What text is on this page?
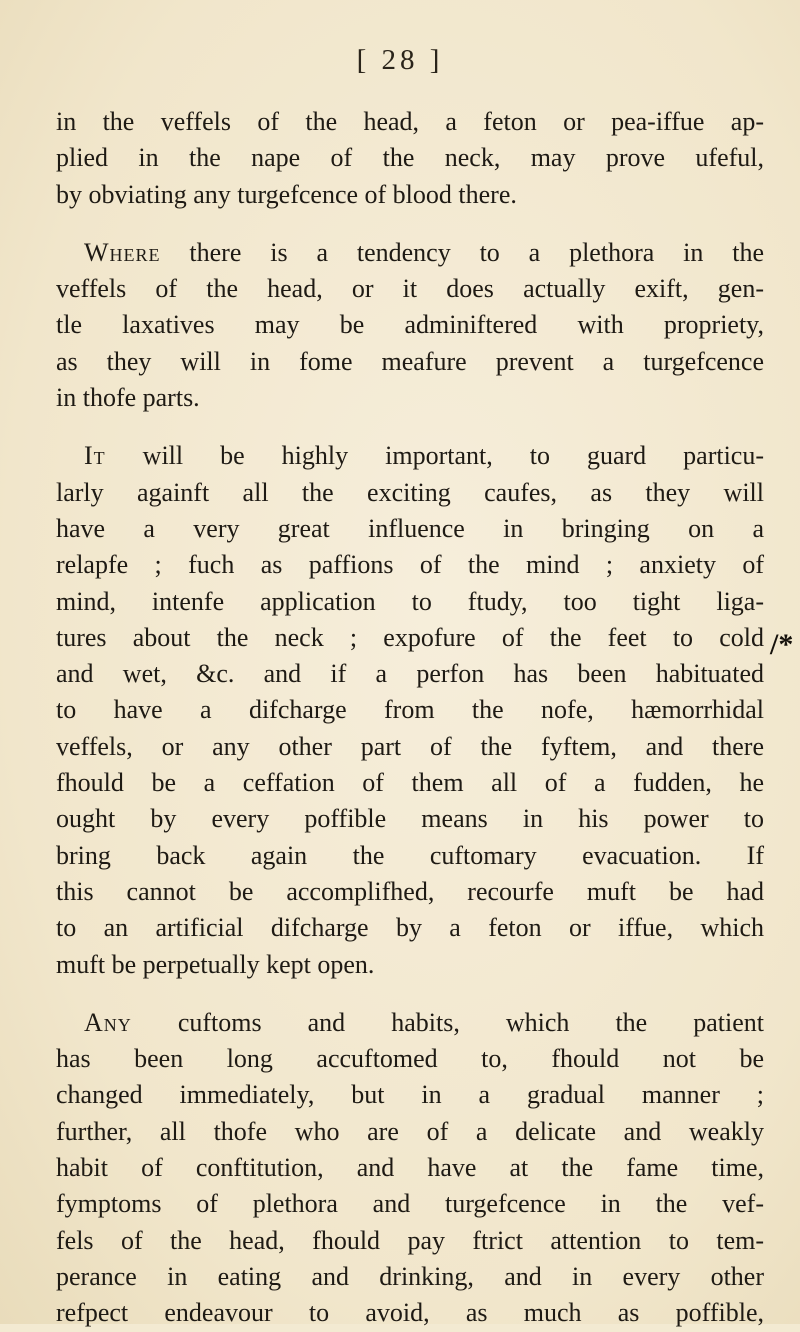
[ 28 ]
in the veffels of the head, a feton or pea-iffue ap-
plied in the nape of the neck, may prove ufeful,
by obviating any turgefcence of blood there.
Where there is a tendency to a plethora in the
veffels of the head, or it does actually exift, gen-
tle laxatives may be adminiftered with propriety,
as they will in fome meafure prevent a turgefcence
in thofe parts.
It will be highly important, to guard particu-
larly againft all the exciting caufes, as they will
have a very great influence in bringing on a
relapfe ; fuch as paffions of the mind ; anxiety of
mind, intenfe application to ftudy, too tight liga-
tures about the neck ; expofure of the feet to cold
and wet, &c. and if a perfon has been habituated
to have a difcharge from the nofe, hæmorrhidal
veffels, or any other part of the fyftem, and there
fhould be a ceffation of them all of a fudden, he
ought by every poffible means in his power to
bring back again the cuftomary evacuation. If
this cannot be accomplifhed, recourfe muft be had
to an artificial difcharge by a feton or iffue, which
muft be perpetually kept open.
Any cuftoms and habits, which the patient
has been long accuftomed to, fhould not be
changed immediately, but in a gradual manner ;
further, all thofe who are of a delicate and weakly
habit of conftitution, and have at the fame time,
fymptoms of plethora and turgefcence in the vef-
fels of the head, fhould pay ftrict attention to tem-
perance in eating and drinking, and in every other
refpect endeavour to avoid, as much as poffible,
/*
